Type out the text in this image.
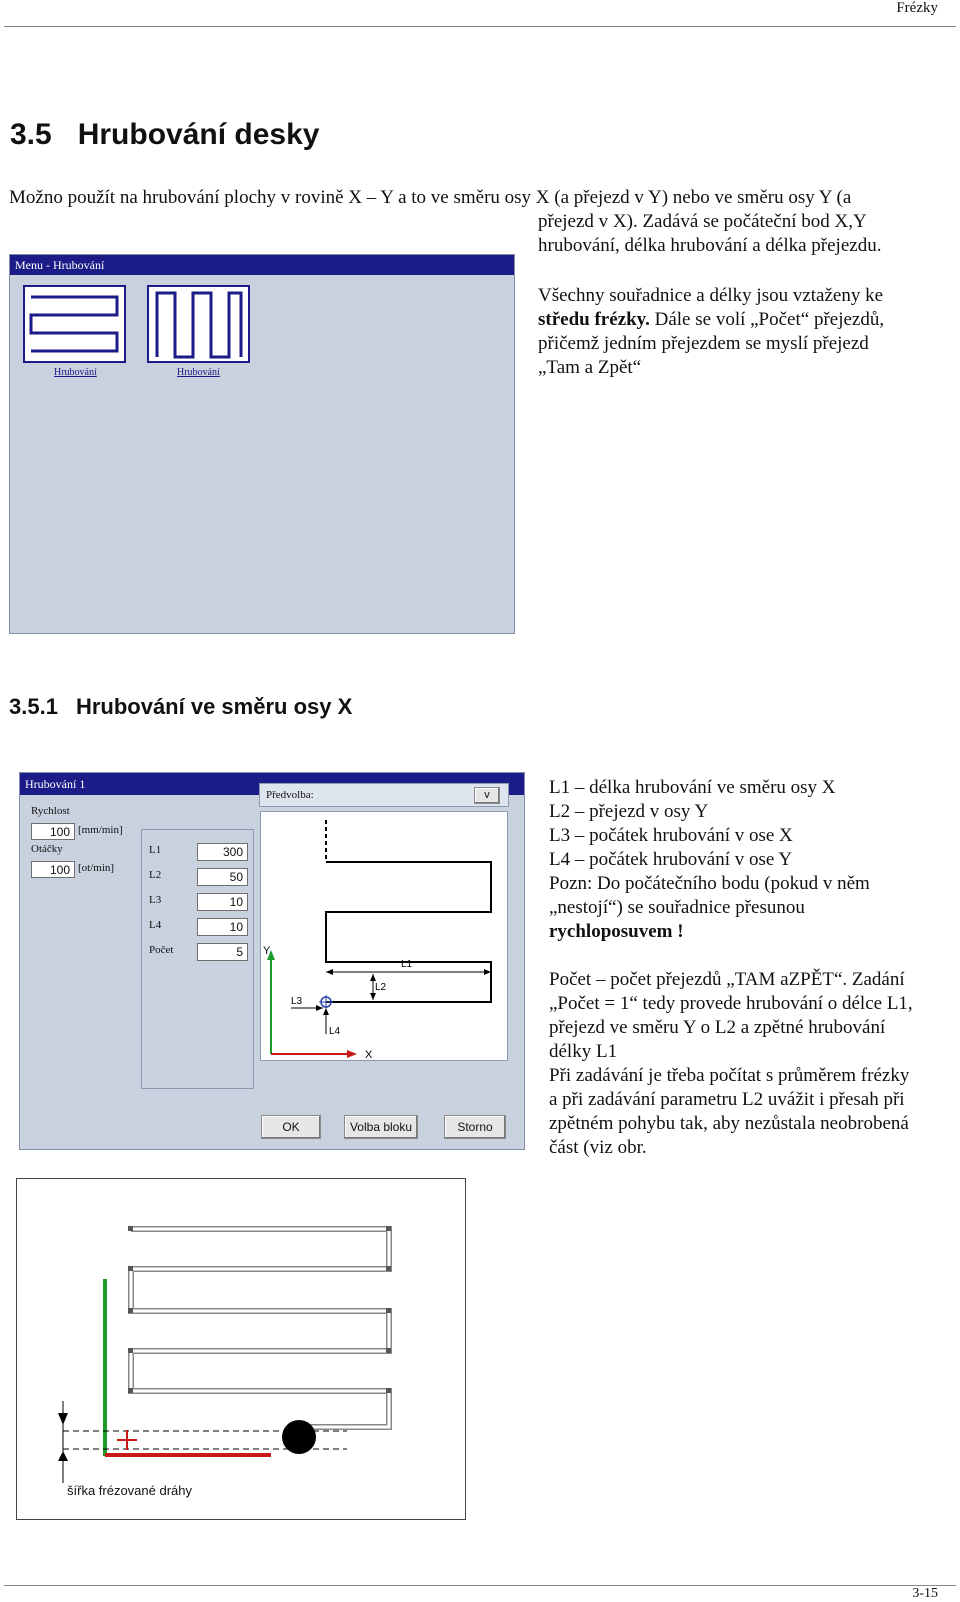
Frézky
3.5 Hrubování desky
Možno použít na hrubování plochy v rovině X – Y a to ve směru osy X (a přejezd v Y) nebo ve směru osy Y (a
přejezd v X). Zadává se počáteční bod X,Y
hrubování, délka hrubování a délka přejezdu.
Všechny souřadnice a délky jsou vztaženy ke
středu frézky. Dále se volí „Počet“ přejezdů,
přičemž jedním přejezdem se myslí přejezd
„Tam a Zpět“
Menu - Hrubování
Hrubování	Hrubování
3.5.1 Hrubování ve směru osy X
Hrubování 1
Rychlost
100 [mm/min]
Otáčky
100 [ot/min]
L1	300
L2	50
L3	10
L4	10
Počet	5
Předvolba:	v
Y
X
L1
L2
L3
L4
OK	Volba bloku	Storno
L1 – délka hrubování ve směru osy X
L2 – přejezd v osy Y
L3 – počátek hrubování v ose X
L4 – počátek hrubování v ose Y
Pozn: Do počátečního bodu (pokud v něm
„nestojí“) se souřadnice přesunou
rychloposuvem !
Počet – počet přejezdů „TAM aZPĚT“. Zadání
„Počet = 1“ tedy provede hrubování o délce L1,
přejezd ve směru Y o L2 a zpětné hrubování
délky L1
Při zadávání je třeba počítat s průměrem frézky
a při zadávání parametru L2 uvážit i přesah při
zpětném pohybu tak, aby nezůstala neobrobená
část (viz obr.
šířka frézované dráhy
3-15
